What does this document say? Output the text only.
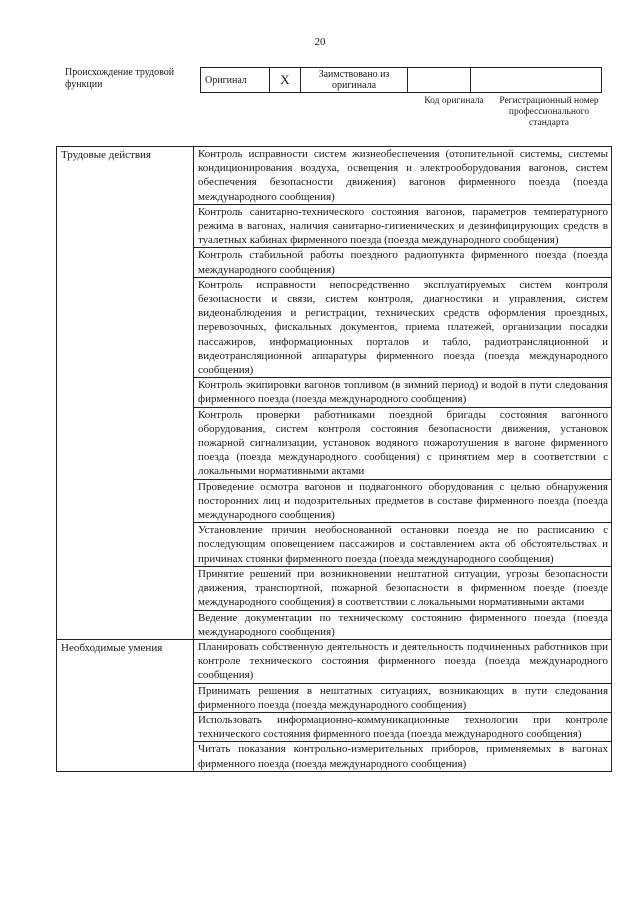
20
Происхождение трудовой функции	Оригинал	X	Заимствовано из оригинала		
Код оригинала	Регистрационный номер профессионального стандарта
Трудовые действия	Контроль исправности систем жизнеобеспечения (отопительной системы, системы кондиционирования воздуха, освещения и электрооборудования вагонов, систем обеспечения безопасности движения) вагонов фирменного поезда (поезда международного сообщения)
	Контроль санитарно-технического состояния вагонов, параметров температурного режима в вагонах, наличия санитарно-гигиенических и дезинфицирующих средств в туалетных кабинах фирменного поезда (поезда международного сообщения)
	Контроль стабильной работы поездного радиопункта фирменного поезда (поезда международного сообщения)
	Контроль исправности непосредственно эксплуатируемых систем контроля безопасности и связи, систем контроля, диагностики и управления, систем видеонаблюдения и регистрации, технических средств оформления проездных, перевозочных, фискальных документов, приема платежей, организации посадки пассажиров, информационных порталов и табло, радиотрансляционной и видеотрансляционной аппаратуры фирменного поезда (поезда международного сообщения)
	Контроль экипировки вагонов топливом (в зимний период) и водой в пути следования фирменного поезда (поезда международного сообщения)
	Контроль проверки работниками поездной бригады состояния вагонного оборудования, систем контроля состояния безопасности движения, установок пожарной сигнализации, установок водяного пожаротушения в вагоне фирменного поезда (поезда международного сообщения) с принятием мер в соответствии с локальными нормативными актами
	Проведение осмотра вагонов и подвагонного оборудования с целью обнаружения посторонних лиц и подозрительных предметов в составе фирменного поезда (поезда международного сообщения)
	Установление причин необоснованной остановки поезда не по расписанию с последующим оповещением пассажиров и составлением акта об обстоятельствах и причинах стоянки фирменного поезда (поезда международного сообщения)
	Принятие решений при возникновении нештатной ситуации, угрозы безопасности движения, транспортной, пожарной безопасности в фирменном поезде (поезде международного сообщения) в соответствии с локальными нормативными актами
	Ведение документации по техническому состоянию фирменного поезда (поезда международного сообщения)
Необходимые умения	Планировать собственную деятельность и деятельность подчиненных работников при контроле технического состояния фирменного поезда (поезда международного сообщения)
	Принимать решения в нештатных ситуациях, возникающих в пути следования фирменного поезда (поезда международного сообщения)
	Использовать информационно-коммуникационные технологии при контроле технического состояния фирменного поезда (поезда международного сообщения)
	Читать показания контрольно-измерительных приборов, применяемых в вагонах фирменного поезда (поезда международного сообщения)
